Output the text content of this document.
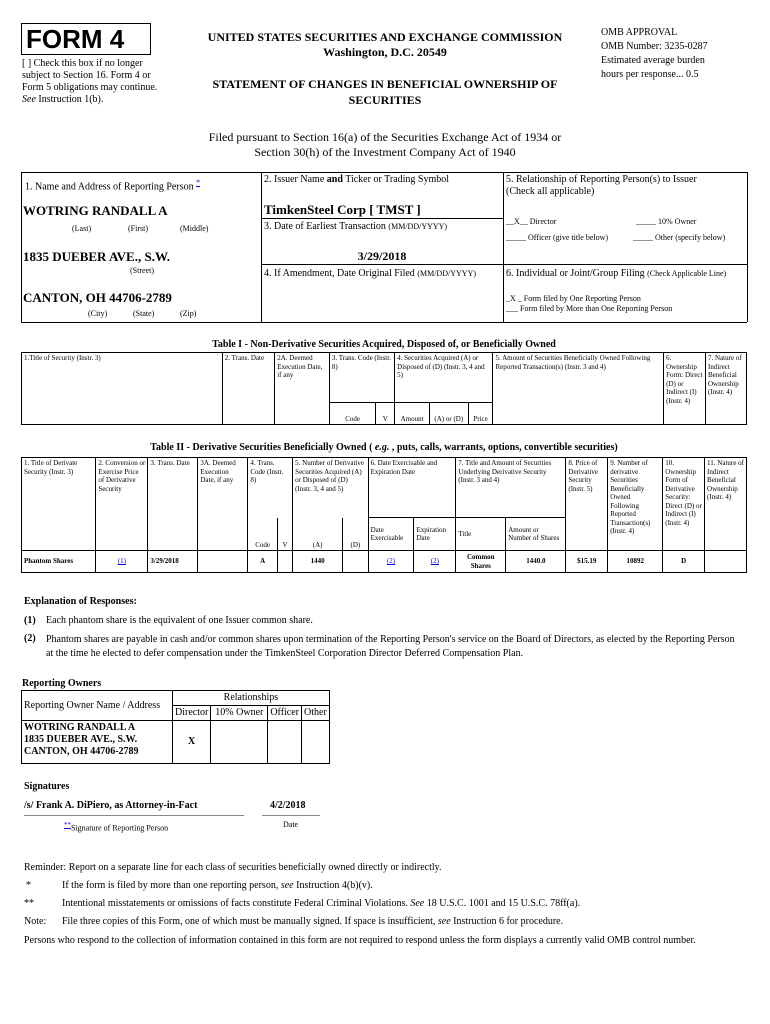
FORM 4
[ ] Check this box if no longer subject to Section 16. Form 4 or Form 5 obligations may continue. See Instruction 1(b).
UNITED STATES SECURITIES AND EXCHANGE COMMISSION
Washington, D.C. 20549
STATEMENT OF CHANGES IN BENEFICIAL OWNERSHIP OF SECURITIES
OMB APPROVAL
OMB Number: 3235-0287
Estimated average burden
hours per response... 0.5
Filed pursuant to Section 16(a) of the Securities Exchange Act of 1934 or
Section 30(h) of the Investment Company Act of 1940
1. Name and Address of Reporting Person *
WOTRING RANDALL A
(Last)	(First)	(Middle)
1835 DUEBER AVE., S.W.
(Street)
CANTON, OH 44706-2789
(City)	(State)	(Zip)
2. Issuer Name and Ticker or Trading Symbol
TimkenSteel Corp [ TMST ]
3. Date of Earliest Transaction (MM/DD/YYYY)
3/29/2018
4. If Amendment, Date Original Filed (MM/DD/YYYY)
5. Relationship of Reporting Person(s) to Issuer
(Check all applicable)
__X__ Director	_____ 10% Owner
_____ Officer (give title below)	_____ Other (specify below)
6. Individual or Joint/Group Filing (Check Applicable Line)
_X _ Form filed by One Reporting Person
___ Form filed by More than One Reporting Person
Table I - Non-Derivative Securities Acquired, Disposed of, or Beneficially Owned
1.Title of Security (Instr. 3)	2. Trans. Date	2A. Deemed Execution Date, if any	3. Trans. Code (Instr. 8)		4. Securities Acquired (A) or Disposed of (D) (Instr. 3, 4 and 5)			5. Amount of Securities Beneficially Owned Following Reported Transaction(s) (Instr. 3 and 4)	6. Ownership Form: Direct (D) or Indirect (I) (Instr. 4)	7. Nature of Indirect Beneficial Ownership (Instr. 4)
			Code	V	Amount	(A) or (D)	Price			
Table II - Derivative Securities Beneficially Owned ( e.g. , puts, calls, warrants, options, convertible securities)
1. Title of Derivate Security (Instr. 3)	2. Conversion or Exercise Price of Derivative Security	3. Trans. Date	3A. Deemed Execution Date, if any	4. Trans. Code (Instr. 8)		5. Number of Derivative Securities Acquired (A) or Disposed of (D) (Instr. 3, 4 and 5)		6. Date Exercisable and Expiration Date		7. Title and Amount of Securities Underlying Derivative Security (Instr. 3 and 4)		8. Price of Derivative Security (Instr. 5)	9. Number of derivative Securities Beneficially Owned Following Reported Transaction(s) (Instr. 4)	10. Ownership Form of Derivative Security: Direct (D) or Indirect (I) (Instr. 4)	11. Nature of Indirect Beneficial Ownership (Instr. 4)
				Code	V	(A)	(D)	Date Exercisable	Expiration Date	Title	Amount or Number of Shares				
Phantom Shares	(1)	3/29/2018		A		1440		(2)	(2)	Common Shares	1440.0	$15.19	10892	D	
Explanation of Responses:
(1) Each phantom share is the equivalent of one Issuer common share.
(2) Phantom shares are payable in cash and/or common shares upon termination of the Reporting Person's service on the Board of Directors, as elected by the Reporting Person at the time he elected to defer compensation under the TimkenSteel Corporation Director Deferred Compensation Plan.
Reporting Owners
Reporting Owner Name / Address	Relationships			
	Director	10% Owner	Officer	Other

WOTRING RANDALL A
1835 DUEBER AVE., S.W.
CANTON, OH 44706-2789	X			
Signatures
/s/ Frank A. DiPiero, as Attorney-in-Fact	4/2/2018
**Signature of Reporting Person	Date
Reminder: Report on a separate line for each class of securities beneficially owned directly or indirectly.
*	If the form is filed by more than one reporting person, see Instruction 4(b)(v).
**	Intentional misstatements or omissions of facts constitute Federal Criminal Violations. See 18 U.S.C. 1001 and 15 U.S.C. 78ff(a).
Note: File three copies of this Form, one of which must be manually signed. If space is insufficient, see Instruction 6 for procedure.
Persons who respond to the collection of information contained in this form are not required to respond unless the form displays a currently valid OMB control number.
